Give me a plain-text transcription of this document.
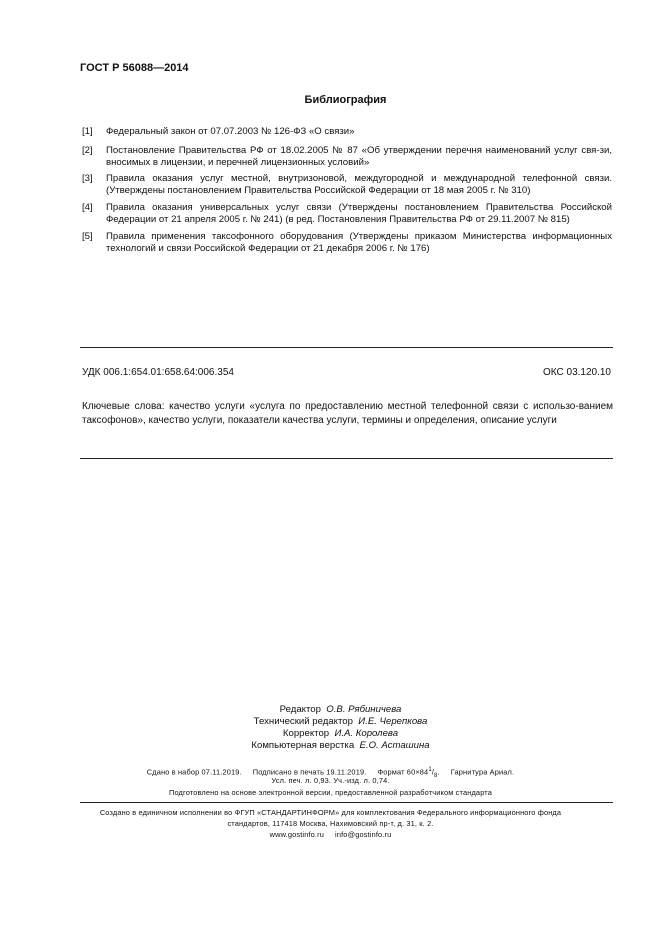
ГОСТ Р 56088—2014
Библиография
[1] Федеральный закон от 07.07.2003 № 126-ФЗ «О связи»
[2] Постановление Правительства РФ от 18.02.2005 № 87 «Об утверждении перечня наименований услуг свя-зи, вносимых в лицензии, и перечней лицензионных условий»
[3] Правила оказания услуг местной, внутризоновой, междугородной и международной телефонной связи. (Утверждены постановлением Правительства Российской Федерации от 18 мая 2005 г. № 310)
[4] Правила оказания универсальных услуг связи (Утверждены постановлением Правительства Российской Федерации от 21 апреля 2005 г. № 241) (в ред. Постановления Правительства РФ от 29.11.2007 № 815)
[5] Правила применения таксофонного оборудования (Утверждены приказом Министерства информационных технологий и связи Российской Федерации от 21 декабря 2006 г. № 176)
УДК 006.1:654.01:658.64:006.354	ОКС 03.120.10
Ключевые слова: качество услуги «услуга по предоставлению местной телефонной связи с использо-ванием таксофонов», качество услуги, показатели качества услуги, термины и определения, описание услуги
Редактор О.В. Рябиничева
Технический редактор И.Е. Черепкова
Корректор И.А. Королева
Компьютерная верстка Е.О. Асташина
Сдано в набор 07.11.2019. Подписано в печать 19.11.2019. Формат $60\times 84^1/_8$. Гарнитура Ариал.
Усл. печ. л. 0,93. Уч.-изд. л. 0,74.
Подготовлено на основе электронной версии, предоставленной разработчиком стандарта
Создано в единичном исполнении во ФГУП «СТАНДАРТИНФОРМ» для комплектования Федерального информационного фонда
стандартов, 117418 Москва, Нахимовский пр-т, д. 31, к. 2.
www.gostinfo.ru info@gostinfo.ru
